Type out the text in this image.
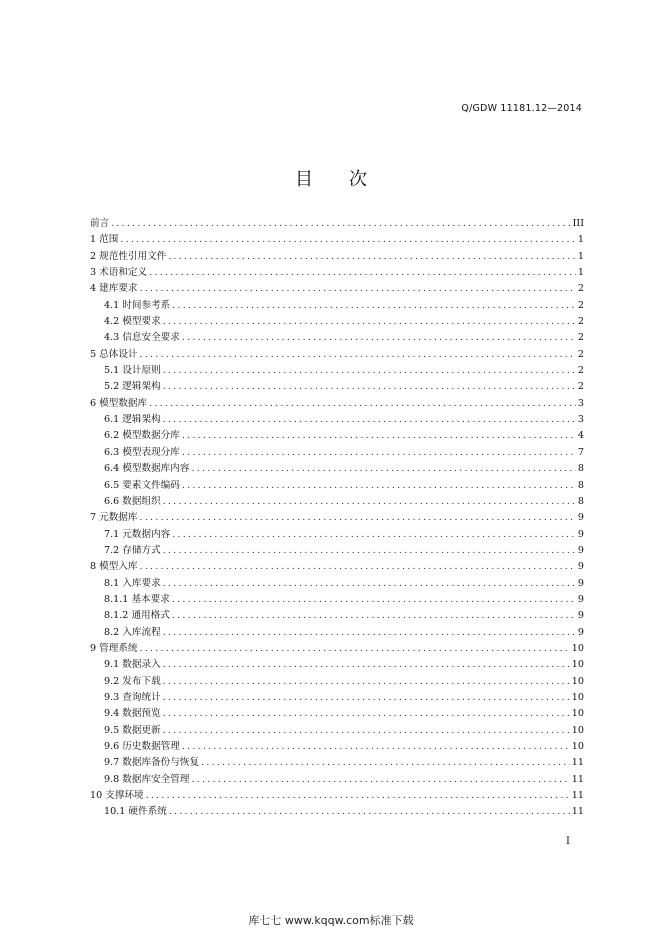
Q/GDW 11181.12—2014
目 次
前言 .....	III
1 范围 .....	1
2 规范性引用文件 .....	1
3 术语和定义 .....	1
4 建库要求 .....	2
4.1 时间参考系 .....	2
4.2 模型要求 .....	2
4.3 信息安全要求 .....	2
5 总体设计 .....	2
5.1 设计原则 .....	2
5.2 逻辑架构 .....	2
6 模型数据库 .....	3
6.1 逻辑架构 .....	3
6.2 模型数据分库 .....	4
6.3 模型表现分库 .....	7
6.4 模型数据库内容 .....	8
6.5 要素文件编码 .....	8
6.6 数据组织 .....	8
7 元数据库 .....	9
7.1 元数据内容 .....	9
7.2 存储方式 .....	9
8 模型入库 .....	9
8.1 入库要求 .....	9
8.1.1 基本要求 .....	9
8.1.2 通用格式 .....	9
8.2 入库流程 .....	9
9 管理系统 .....	10
9.1 数据录入 .....	10
9.2 发布下载 .....	10
9.3 查询统计 .....	10
9.4 数据预览 .....	10
9.5 数据更新 .....	10
9.6 历史数据管理 .....	10
9.7 数据库备份与恢复 .....	11
9.8 数据库安全管理 .....	11
10 支撑环境 .....	11
10.1 硬件系统 .....	11
I
库七七 www.kqqw.com标准下载
